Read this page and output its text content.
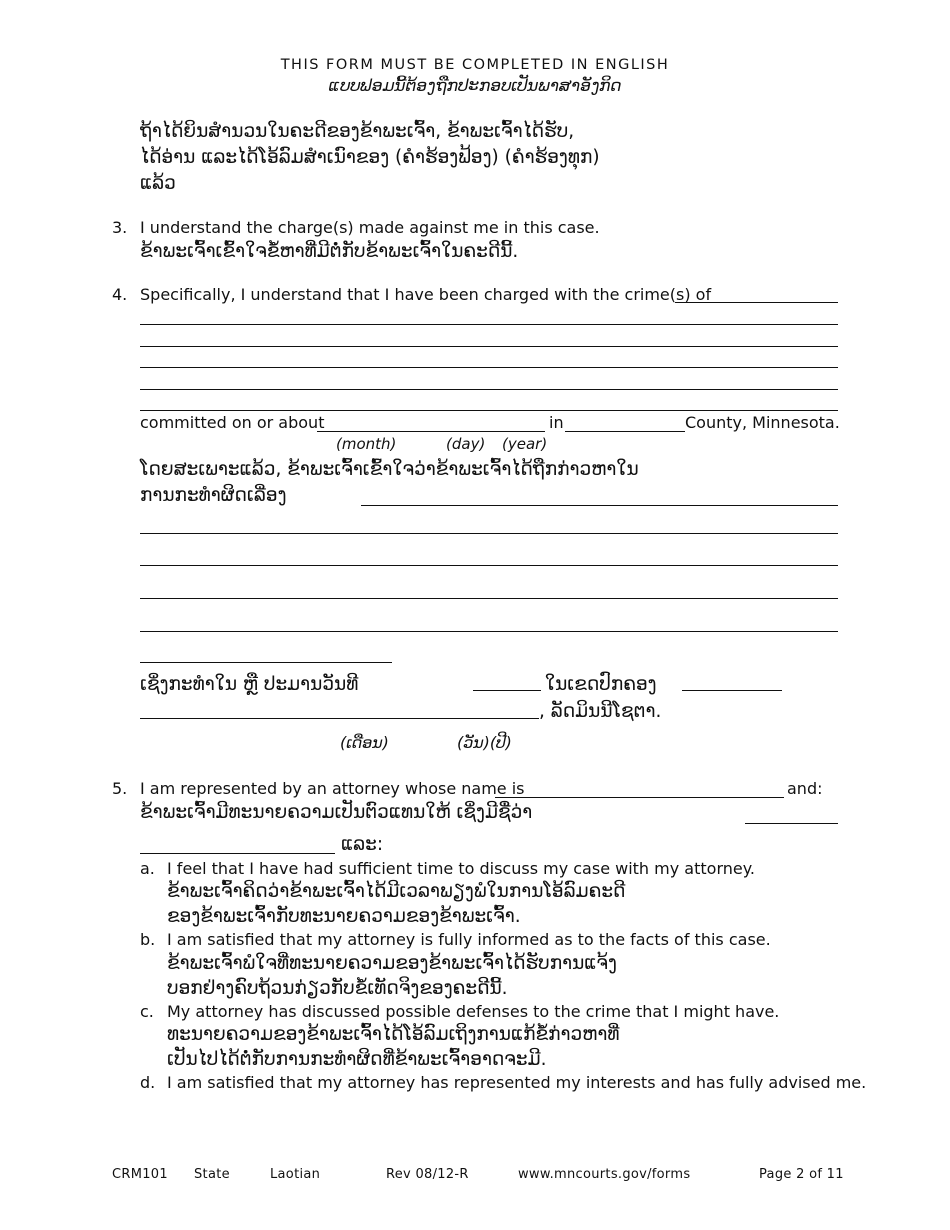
THIS FORM MUST BE COMPLETED IN ENGLISH
ແບບຟອມນີ້ຕ້ອງຖືກປະກອບເປັນພາສາອັງກິດ
ຖ້າໄດ້ຍິນສຳນວນໃນຄະດີຂອງຂ້າພະເຈົ້າ, ຂ້າພະເຈົ້າໄດ້ຮັບ,
ໄດ້ອ່ານ ແລະໄດ້ໂອ້ລົມສຳເນົາຂອງ (ຄຳຮ້ອງຟ້ອງ) (ຄຳຮ້ອງທຸກ)
ແລ້ວ
3. I understand the charge(s) made against me in this case.
ຂ້າພະເຈົ້າເຂົ້າໃຈຂໍ້ຫາທີ່ມີຕໍ່ກັບຂ້າພະເຈົ້າໃນຄະດີນີ້.
4. Specifically, I understand that I have been charged with the crime(s) of
committed on or about	in	County, Minnesota.
(month)	(day) (year)
ໂດຍສະເພາະແລ້ວ, ຂ້າພະເຈົ້າເຂົ້າໃຈວ່າຂ້າພະເຈົ້າໄດ້ຖືກກ່າວຫາໃນ
ການກະທຳຜິດເລີ່ອງ
ເຊິ່ງກະທຳໃນ ຫຼື ປະມານວັນທີ	ໃນເຂດປົກຄອງ
, ລັດມິນນີໂຊຕາ.
(ເດືອນ)	(ວັນ)(ປີ)
5. I am represented by an attorney whose name is	and:
ຂ້າພະເຈົ້າມີທະນາຍຄວາມເປັນຕົວແທນໃຫ້ ເຊິ່ງມີຊື່ວ່າ
ແລະ:
a. I feel that I have had sufficient time to discuss my case with my attorney.
ຂ້າພະເຈົ້າຄິດວ່າຂ້າພະເຈົ້າໄດ້ມີເວລາພຽງພໍໃນການໂອ້ລົມຄະດີ
ຂອງຂ້າພະເຈົ້າກັບທະນາຍຄວາມຂອງຂ້າພະເຈົ້າ.
b. I am satisfied that my attorney is fully informed as to the facts of this case.
ຂ້າພະເຈົ້າພໍໃຈທີ່ທະນາຍຄວາມຂອງຂ້າພະເຈົ້າໄດ້ຮັບການແຈ້ງ
ບອກຢ່າງຄົບຖ້ວນກ່ຽວກັບຂໍ້ເທັດຈິງຂອງຄະດີນີ້.
c. My attorney has discussed possible defenses to the crime that I might have.
ທະນາຍຄວາມຂອງຂ້າພະເຈົ້າໄດ້ໂອ້ລົມເຖິງການແກ້ຂໍ້ກ່າວຫາທີ່
ເປັນໄປໄດ້ຕໍ່ກັບການກະທຳຜິດທີ່ຂ້າພະເຈົ້າອາດຈະມີ.
d. I am satisfied that my attorney has represented my interests and has fully advised me.
CRM101 State	Laotian	Rev 08/12-R	www.mncourts.gov/forms	Page 2 of 11
